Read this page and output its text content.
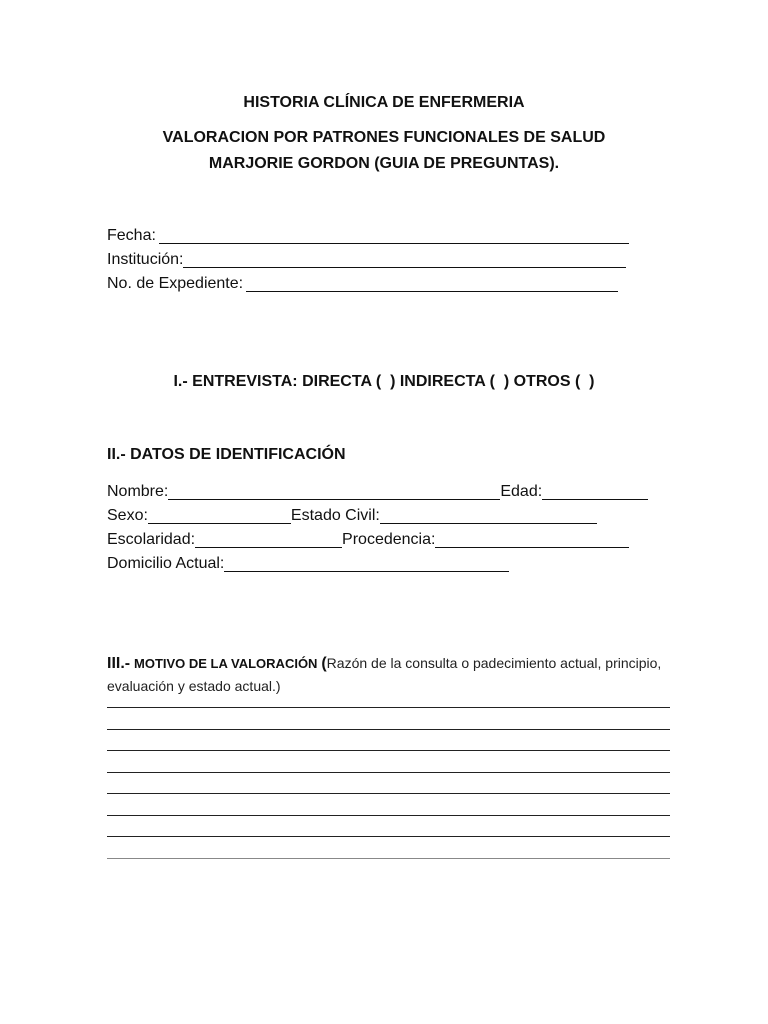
HISTORIA CLÍNICA DE ENFERMERIA
VALORACION POR PATRONES FUNCIONALES DE SALUD
MARJORIE GORDON (GUIA DE PREGUNTAS).
Fecha:
Institución:
No. de Expediente:
I.- ENTREVISTA: DIRECTA (  ) INDIRECTA (  ) OTROS (  )
II.- DATOS DE IDENTIFICACIÓN
Nombre:	Edad:
Sexo:	Estado Civil:
Escolaridad:	Procedencia:
Domicilio Actual:
III.- MOTIVO DE LA VALORACIÓN (Razón de la consulta o padecimiento actual, principio, evaluación y estado actual.)
